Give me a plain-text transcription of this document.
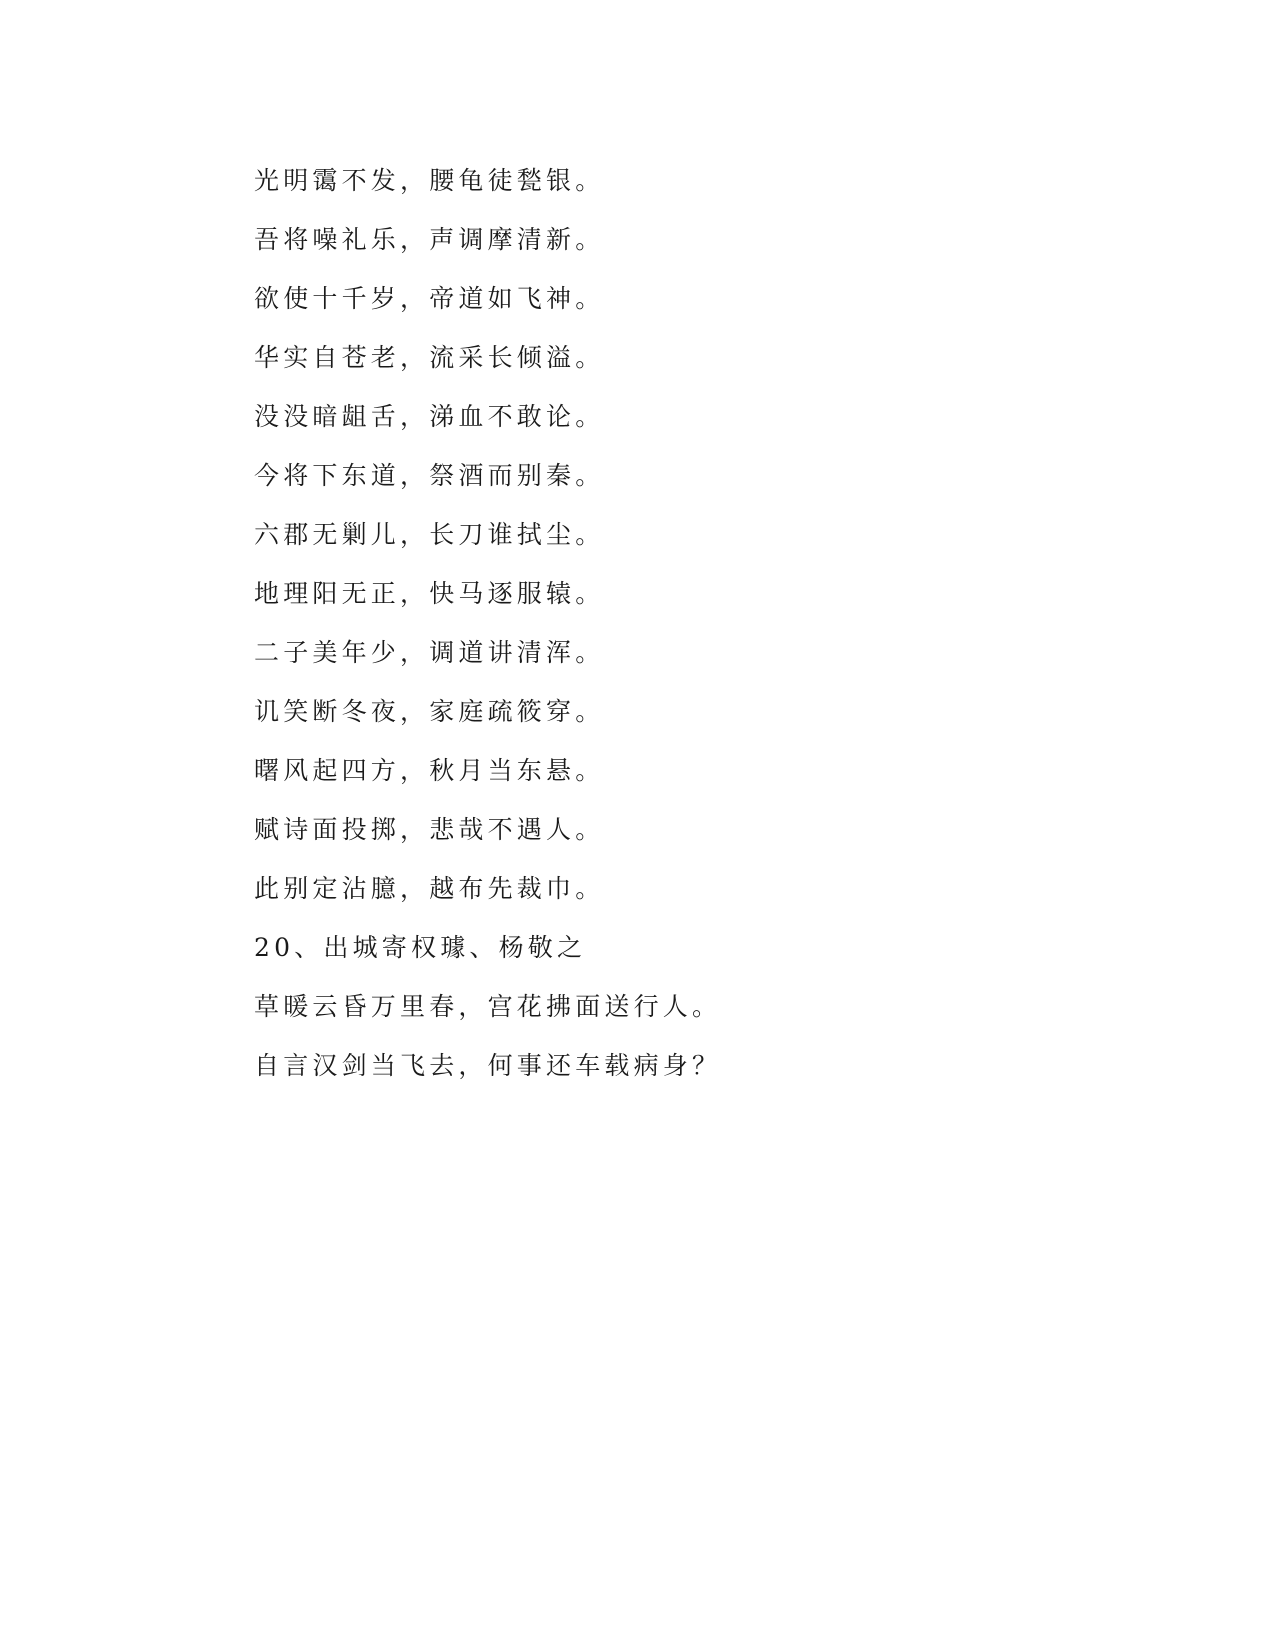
光明霭不发，腰龟徒甃银。
吾将噪礼乐，声调摩清新。
欲使十千岁，帝道如飞神。
华实自苍老，流采长倾溢。
没没暗龃舌，涕血不敢论。
今将下东道，祭酒而别秦。
六郡无剿儿，长刀谁拭尘。
地理阳无正，快马逐服辕。
二子美年少，调道讲清浑。
讥笑断冬夜，家庭疏筱穿。
曙风起四方，秋月当东悬。
赋诗面投掷，悲哉不遇人。
此别定沾臆，越布先裁巾。
20、出城寄权璩、杨敬之
草暖云昏万里春，宫花拂面送行人。
自言汉剑当飞去，何事还车载病身？
